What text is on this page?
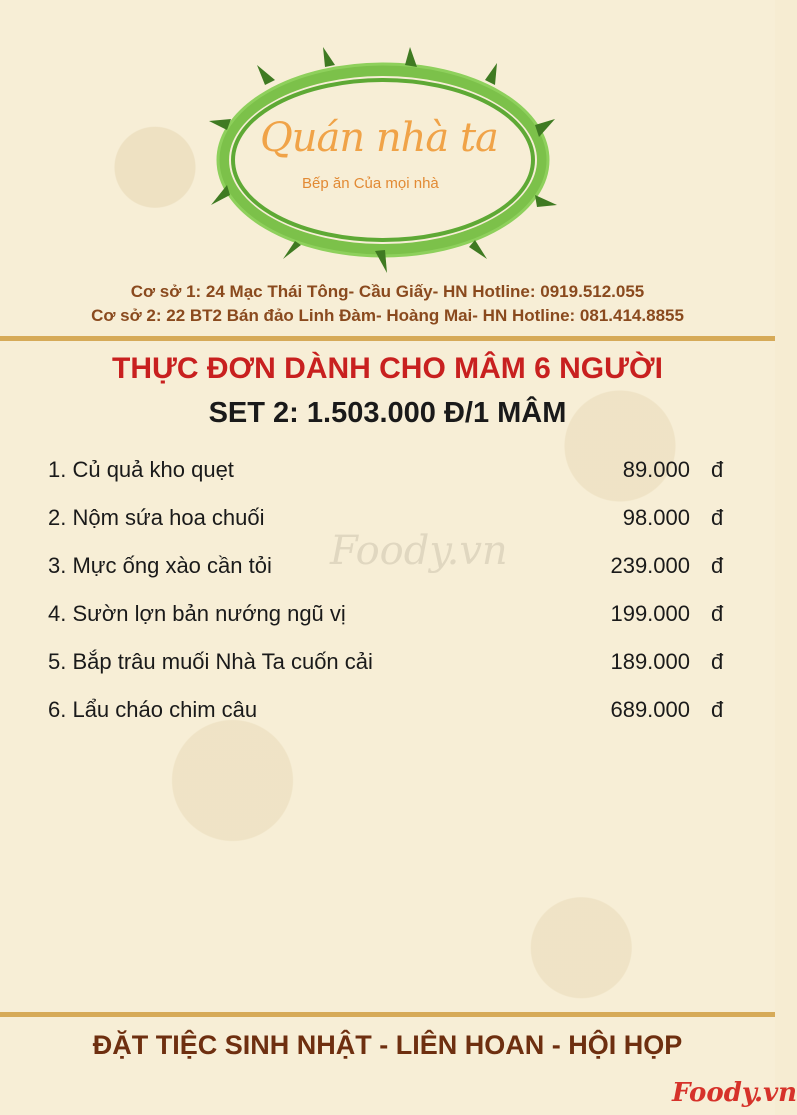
Quán nhà ta
Bếp ăn Của mọi nhà
Cơ sở 1: 24 Mạc Thái Tông- Cầu Giấy- HN Hotline: 0919.512.055
Cơ sở 2: 22 BT2 Bán đảo Linh Đàm- Hoàng Mai- HN Hotline: 081.414.8855
THỰC ĐƠN DÀNH CHO MÂM 6 NGƯỜI
SET 2: 1.503.000 Đ/1 MÂM
Foody.vn
1. Củ quả kho quẹt	89.000 đ
2. Nộm sứa hoa chuối	98.000 đ
3. Mực ống xào cần tỏi	239.000 đ
4. Sườn lợn bản nướng ngũ vị	199.000 đ
5. Bắp trâu muối Nhà Ta cuốn cải	189.000 đ
6. Lẩu cháo chim câu	689.000 đ
ĐẶT TIỆC SINH NHẬT - LIÊN HOAN - HỘI HỌP
Foody.vn
